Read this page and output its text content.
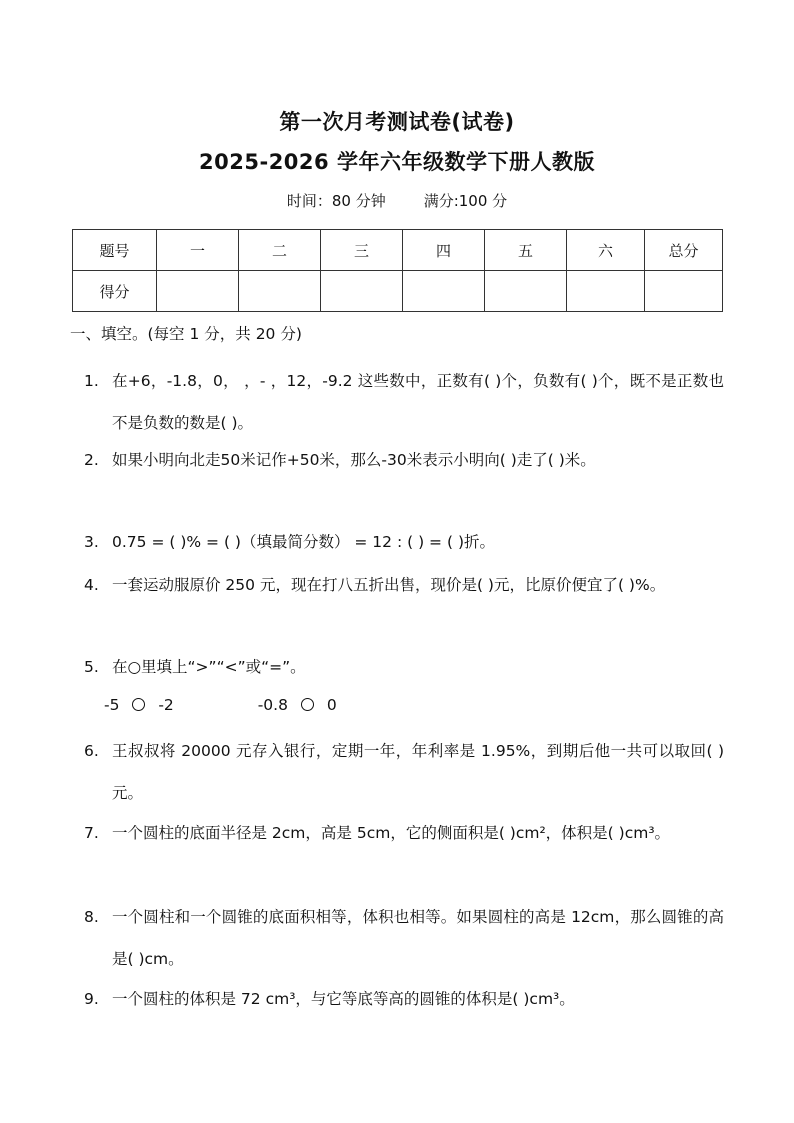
第一次月考测试卷(试卷)
2025-2026 学年六年级数学下册人教版
时间：80 分钟	满分:100 分
题号	一	二	三	四	五	六	总分
得分							
一、填空。(每空 1 分，共 20 分)
1. 在+6，-1.8，0， ，- ，12，-9.2 这些数中，正数有( )个，负数有( )个，既不是正数也不是负数的数是( )。
2. 如果小明向北走50米记作+50米，那么-30米表示小明向( )走了( )米。
3. 0.75 = ( )% = ( )（填最简分数） = 12 : ( ) = ( )折。
4. 一套运动服原价 250 元，现在打八五折出售，现价是( )元，比原价便宜了( )%。
5. 在○里填上“>”“<”或“=”。
-5	-2	-0.8	0
6. 王叔叔将 20000 元存入银行，定期一年，年利率是 1.95%，到期后他一共可以取回( )元。
7. 一个圆柱的底面半径是 2cm，高是 5cm，它的侧面积是( )cm²，体积是( )cm³。
8. 一个圆柱和一个圆锥的底面积相等，体积也相等。如果圆柱的高是 12cm，那么圆锥的高是( )cm。
9. 一个圆柱的体积是 72 cm³，与它等底等高的圆锥的体积是( )cm³。
